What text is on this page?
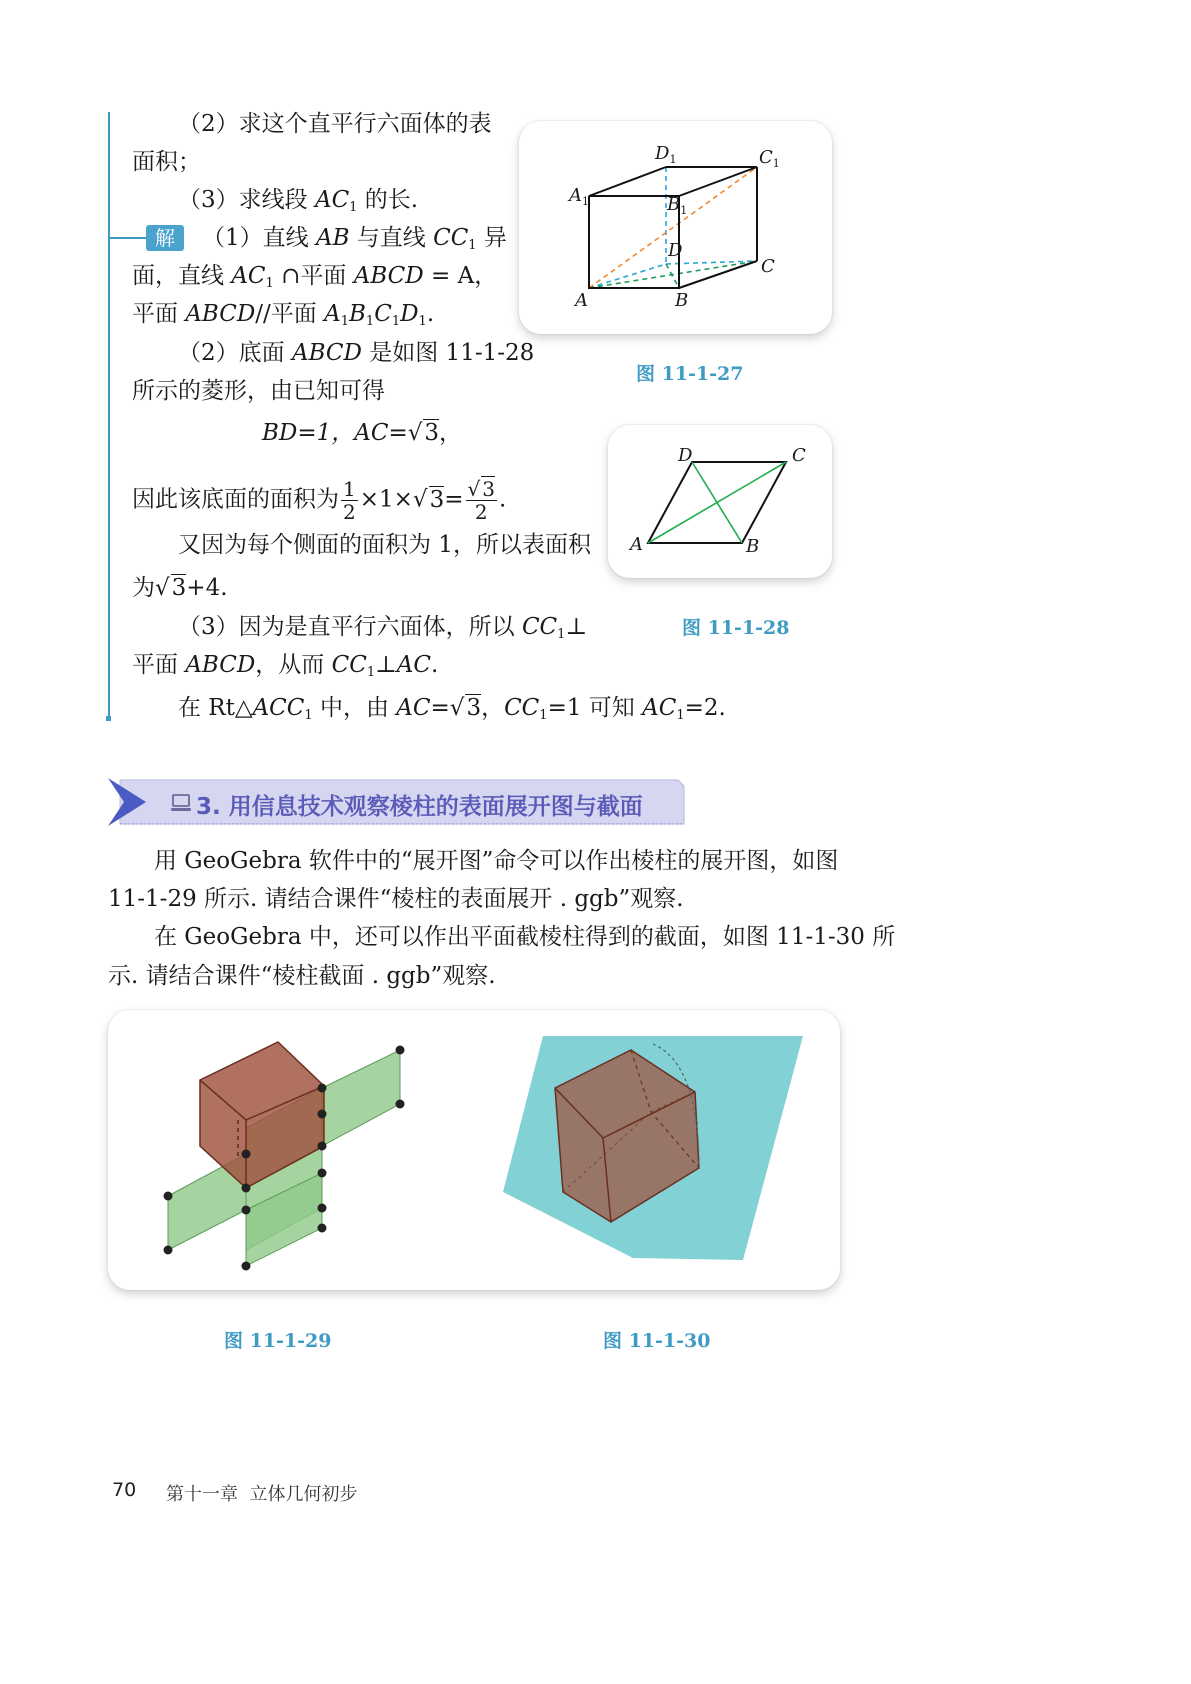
（2）求这个直平行六面体的表
面积；
（3）求线段 $AC_1$ 的长.
解	（1）直线 AB 与直线 $CC_1$ 异
面，直线 $AC_1$ ∩平面 ABCD = A，
平面 ABCD//平面 $A_1B_1C_1D_1$.
（2）底面 ABCD 是如图 11-1-28
所示的菱形，由已知可得
BD=1，AC=√3，
因此该底面的面积为 $\frac{1}{2} \times 1\times√3= \frac{√ 3}{2}$ .
又因为每个侧面的面积为 1，所以表面积
为√3+4.
（3）因为是直平行六面体，所以 $CC_1\perp$
平面 ABCD，从而 $CC_1\perp AC$.
在 $Rt\triangle ACC_1$ 中，由 AC=√3，$CC_1=1$ 可知 $AC_1=2$.
$D_1$	$C_1$
$A_1$	$B_1$
D
C
A	B
图 11-1-27
D	C
A	B
图 11-1-28
3. 用信息技术观察棱柱的表面展开图与截面
用 GeoGebra 软件中的“展开图”命令可以作出棱柱的展开图，如图
11-1-29 所示. 请结合课件“棱柱的表面展开 . ggb”观察.
在 GeoGebra 中，还可以作出平面截棱柱得到的截面，如图 11-1-30 所
示. 请结合课件“棱柱截面 . ggb”观察.
图 11-1-29	图 11-1-30
70 第十一章  立体几何初步
